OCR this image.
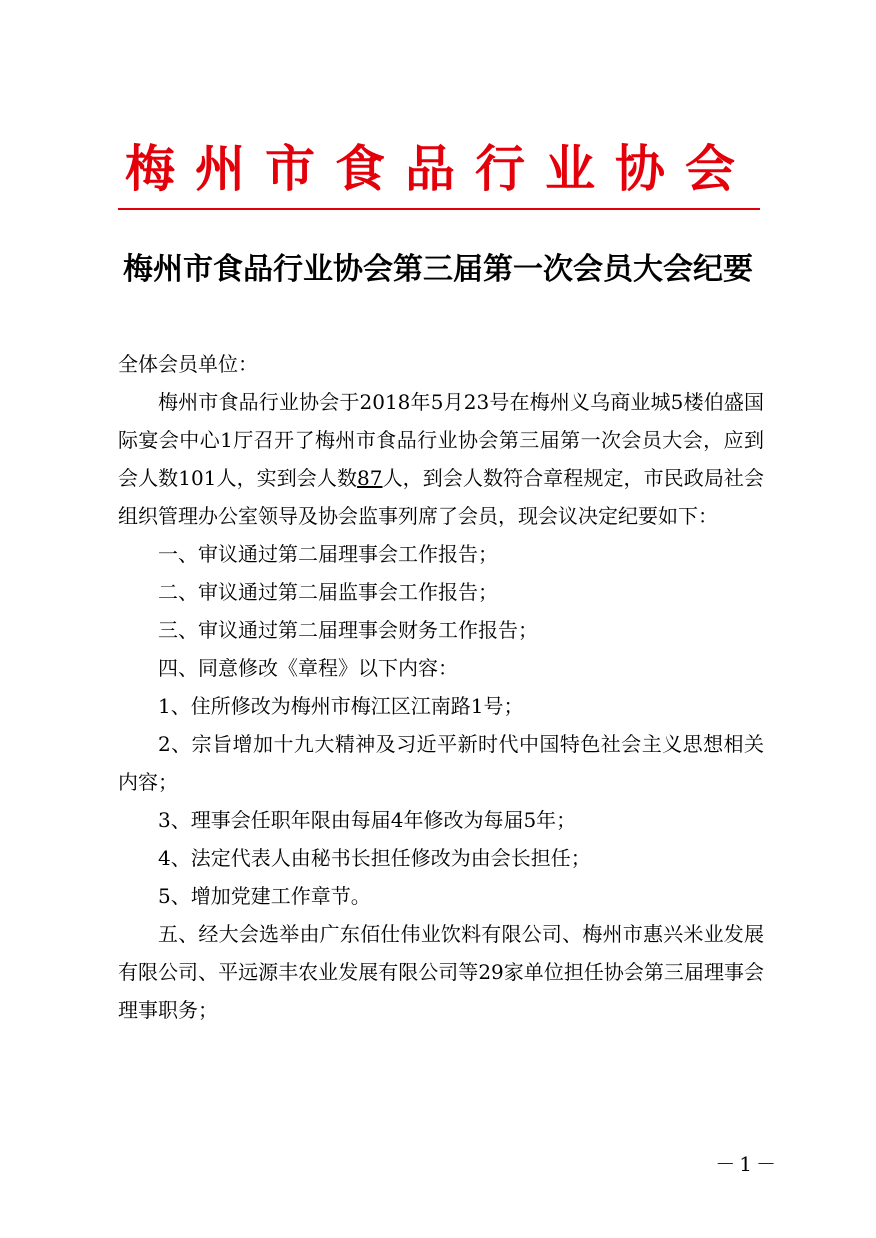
梅州市食品行业协会
梅州市食品行业协会第三届第一次会员大会纪要

全体会员单位：

梅州市食品行业协会于2018年5月23号在梅州义乌商业城5楼伯盛国际宴会中心1厅召开了梅州市食品行业协会第三届第一次会员大会，应到会人数101人，实到会人数87人，到会人数符合章程规定，市民政局社会组织管理办公室领导及协会监事列席了会员，现会议决定纪要如下：

一、审议通过第二届理事会工作报告；

二、审议通过第二届监事会工作报告；

三、审议通过第二届理事会财务工作报告；

四、同意修改《章程》以下内容：

1、住所修改为梅州市梅江区江南路1号；

2、宗旨增加十九大精神及习近平新时代中国特色社会主义思想相关内容；

3、理事会任职年限由每届4年修改为每届5年；

4、法定代表人由秘书长担任修改为由会长担任；

5、增加党建工作章节。

五、经大会选举由广东佰仕伟业饮料有限公司、梅州市惠兴米业发展有限公司、平远源丰农业发展有限公司等29家单位担任协会第三届理事会理事职务；

－1－
